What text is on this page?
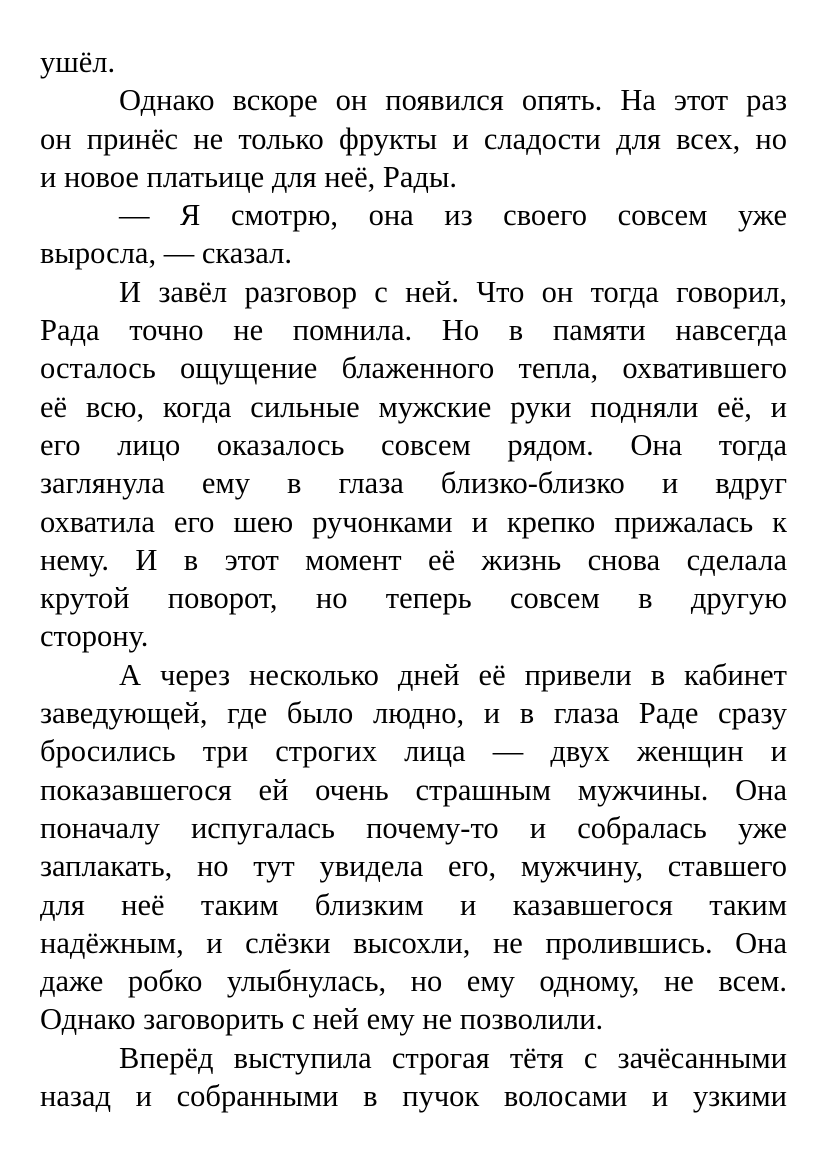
ушёл.
Однако вскоре он появился опять. На этот раз
он принёс не только фрукты и сладости для всех, но
и новое платьице для неё, Рады.
— Я смотрю, она из своего совсем уже
выросла, — сказал.
И завёл разговор с ней. Что он тогда говорил,
Рада точно не помнила. Но в памяти навсегда
осталось ощущение блаженного тепла, охватившего
её всю, когда сильные мужские руки подняли её, и
его лицо оказалось совсем рядом. Она тогда
заглянула ему в глаза близко-близко и вдруг
охватила его шею ручонками и крепко прижалась к
нему. И в этот момент её жизнь снова сделала
крутой поворот, но теперь совсем в другую
сторону.
А через несколько дней её привели в кабинет
заведующей, где было людно, и в глаза Раде сразу
бросились три строгих лица — двух женщин и
показавшегося ей очень страшным мужчины. Она
поначалу испугалась почему-то и собралась уже
заплакать, но тут увидела его, мужчину, ставшего
для неё таким близким и казавшегося таким
надёжным, и слёзки высохли, не пролившись. Она
даже робко улыбнулась, но ему одному, не всем.
Однако заговорить с ней ему не позволили.
Вперёд выступила строгая тётя с зачёсанными
назад и собранными в пучок волосами и узкими
